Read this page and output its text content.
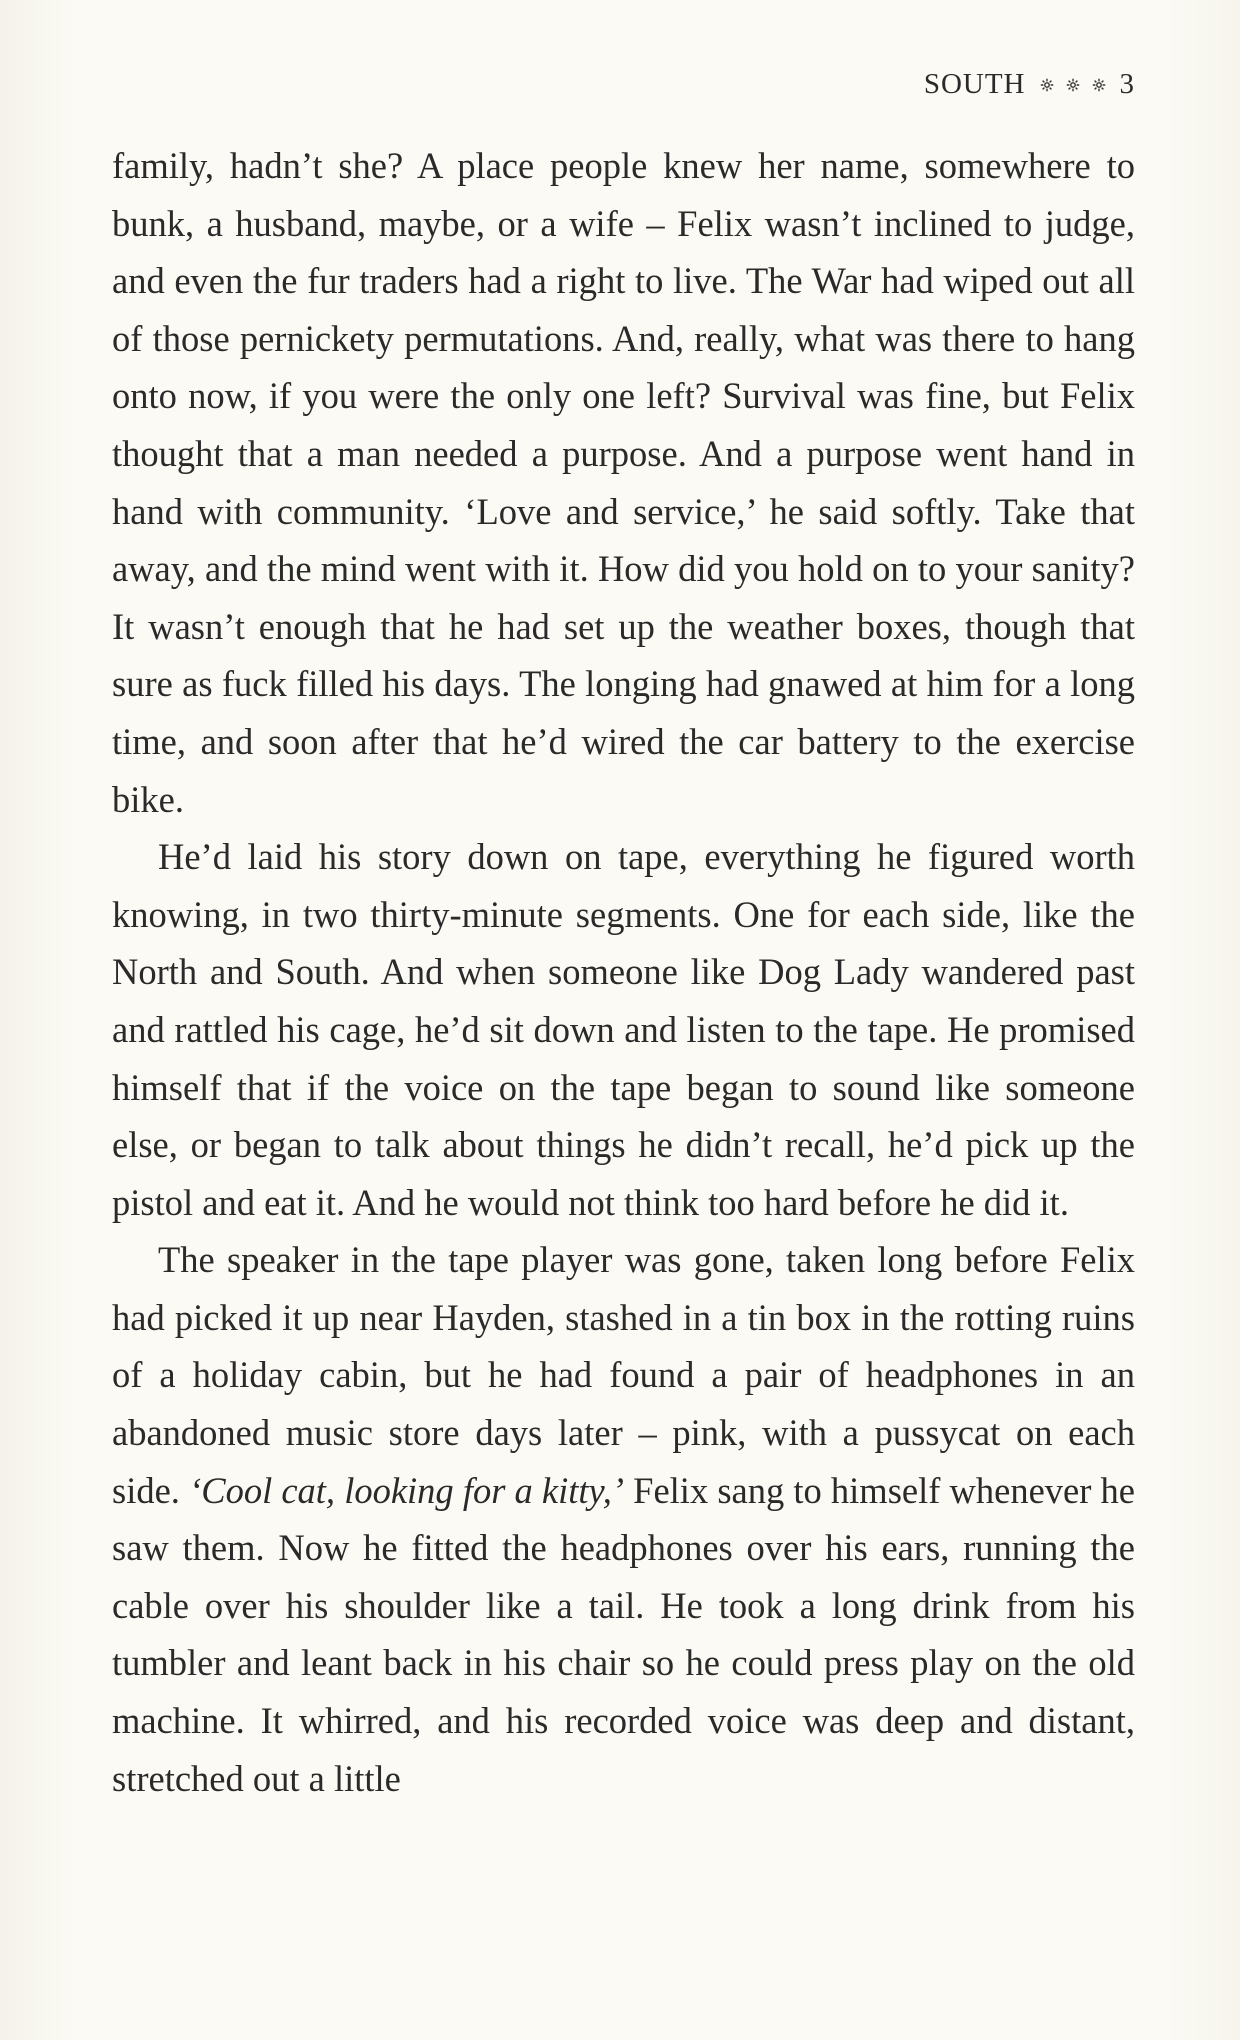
SOUTH	3

family, hadn’t she? A place people knew her name, somewhere to bunk, a husband, maybe, or a wife – Felix wasn’t inclined to judge, and even the fur traders had a right to live. The War had wiped out all of those pernickety permutations. And, really, what was there to hang onto now, if you were the only one left? Survival was fine, but Felix thought that a man needed a purpose. And a purpose went hand in hand with community. ‘Love and service,’ he said softly. Take that away, and the mind went with it. How did you hold on to your sanity? It wasn’t enough that he had set up the weather boxes, though that sure as fuck filled his days. The longing had gnawed at him for a long time, and soon after that he’d wired the car battery to the exercise bike.

He’d laid his story down on tape, everything he figured worth knowing, in two thirty-minute segments. One for each side, like the North and South. And when someone like Dog Lady wandered past and rattled his cage, he’d sit down and listen to the tape. He promised himself that if the voice on the tape began to sound like someone else, or began to talk about things he didn’t recall, he’d pick up the pistol and eat it. And he would not think too hard before he did it.

The speaker in the tape player was gone, taken long before Felix had picked it up near Hayden, stashed in a tin box in the rotting ruins of a holiday cabin, but he had found a pair of headphones in an abandoned music store days later – pink, with a pussycat on each side. ‘Cool cat, looking for a kitty,’ Felix sang to himself whenever he saw them. Now he fitted the headphones over his ears, running the cable over his shoulder like a tail. He took a long drink from his tumbler and leant back in his chair so he could press play on the old machine. It whirred, and his recorded voice was deep and distant, stretched out a little
